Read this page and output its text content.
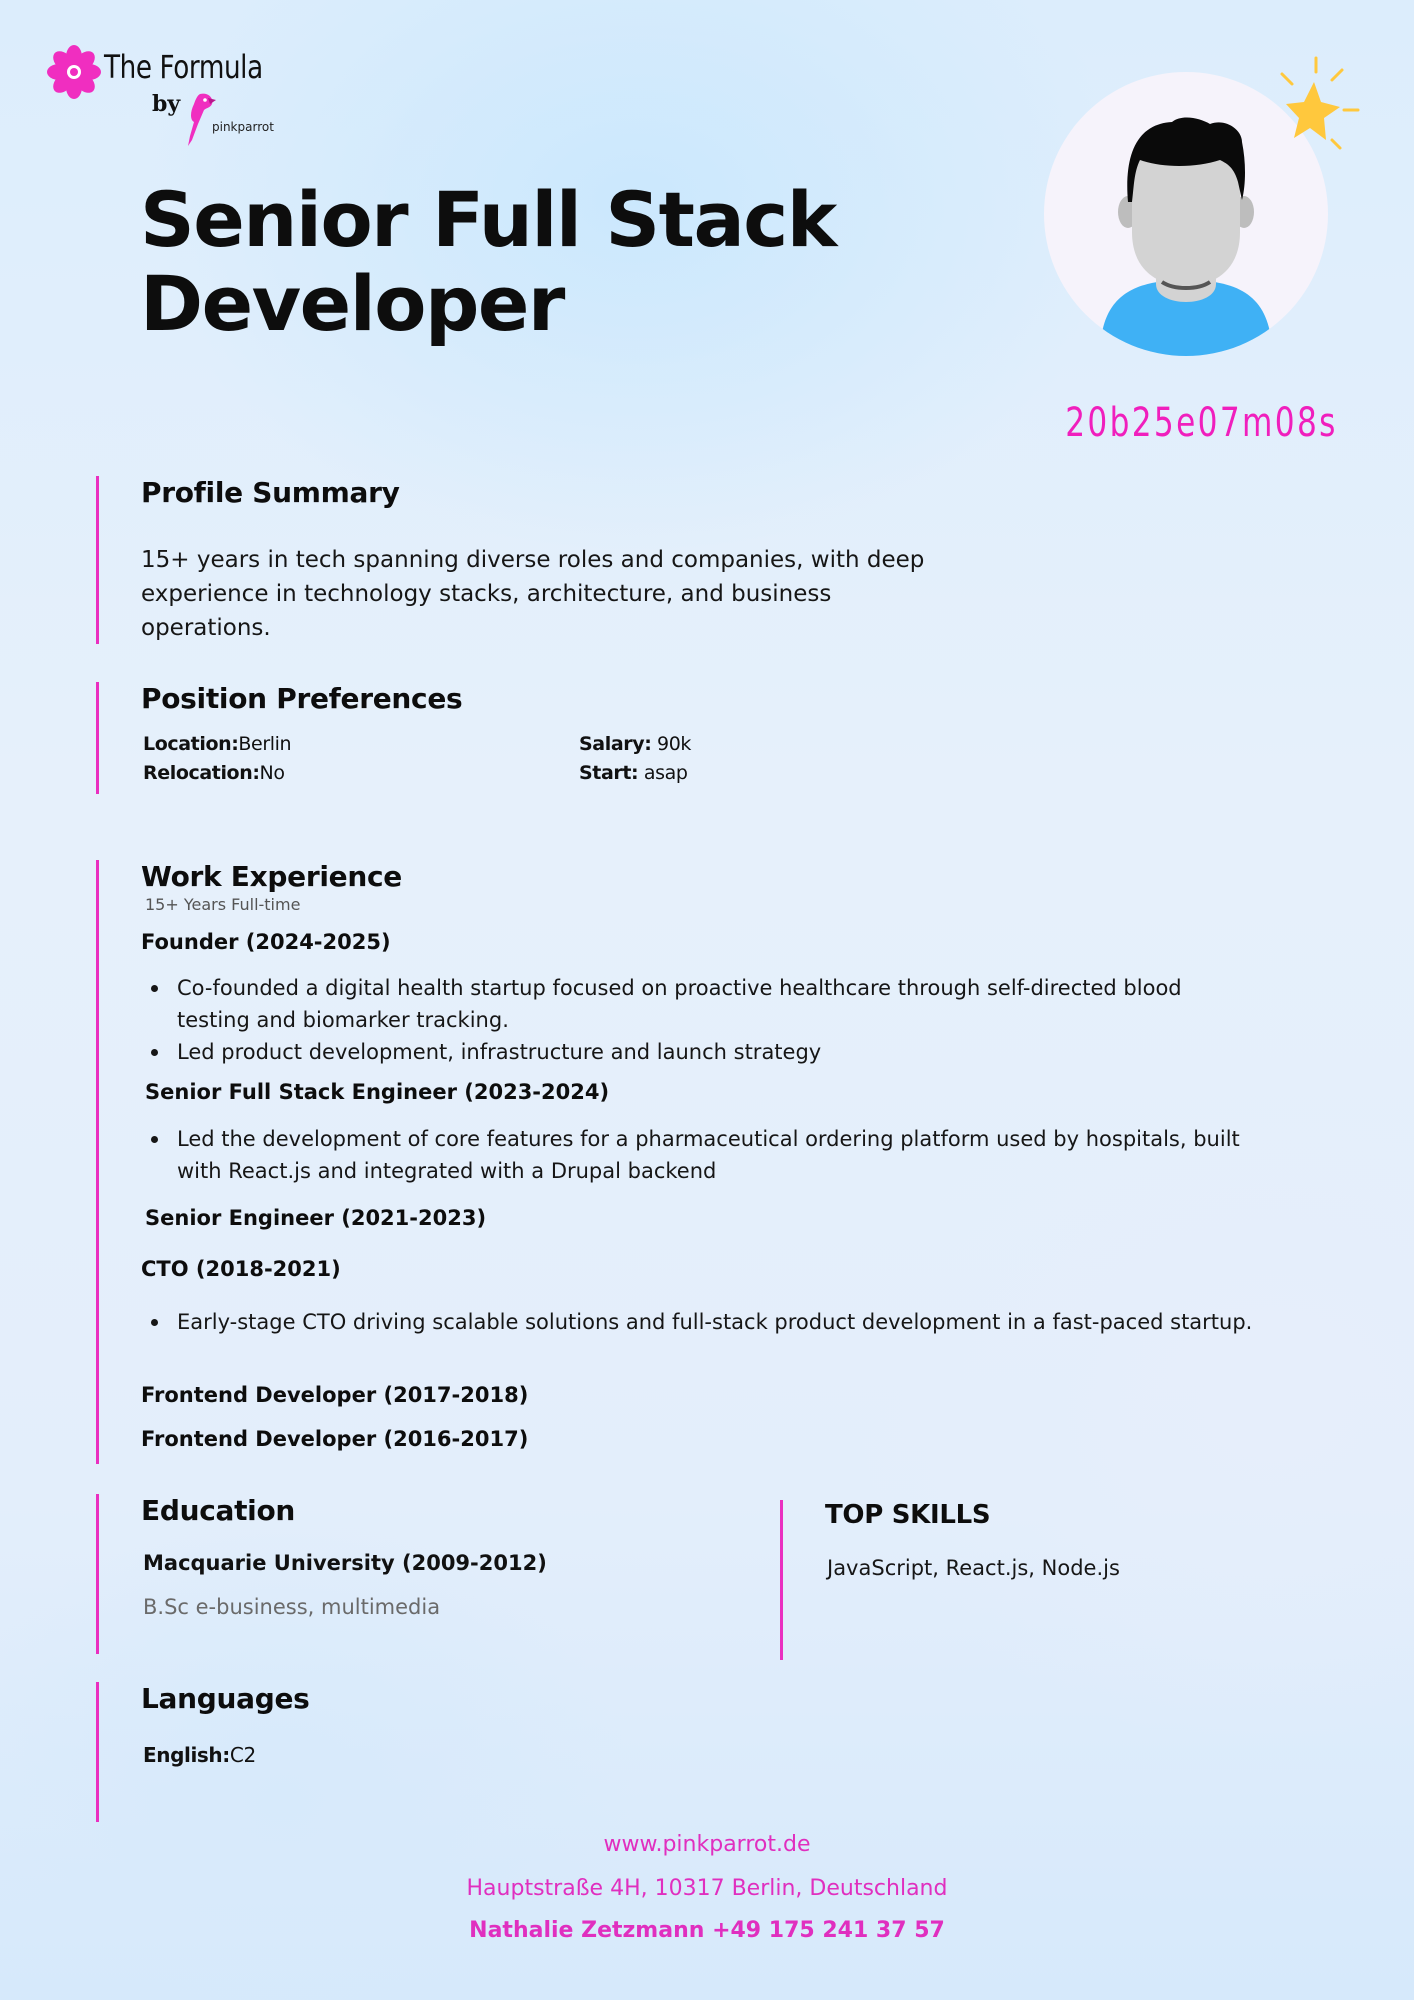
The Formula
by
pinkparrot
Senior Full Stack Developer
20b25e07m08s
Profile Summary

15+ years in tech spanning diverse roles and companies, with deep experience in technology stacks, architecture, and business operations.

Position Preferences
Location:Berlin
Relocation:No
Salary: 90k
Start: asap
Work Experience
15+ Years Full-time
Founder (2024-2025)
Co-founded a digital health startup focused on proactive healthcare through self-directed blood testing and biomarker tracking.
Led product development, infrastructure and launch strategy
Senior Full Stack Engineer (2023-2024)
Led the development of core features for a pharmaceutical ordering platform used by hospitals, built with React.js and integrated with a Drupal backend
Senior Engineer (2021-2023)
CTO (2018-2021)
Early-stage CTO driving scalable solutions and full-stack product development in a fast-paced startup.
Frontend Developer (2017-2018)
Frontend Developer (2016-2017)
Education
Macquarie University (2009-2012)
B.Sc e-business, multimedia
TOP SKILLS
JavaScript, React.js, Node.js
Languages
English:C2
www.pinkparrot.de
Hauptstraße 4H, 10317 Berlin, Deutschland
Nathalie Zetzmann +49 175 241 37 57
